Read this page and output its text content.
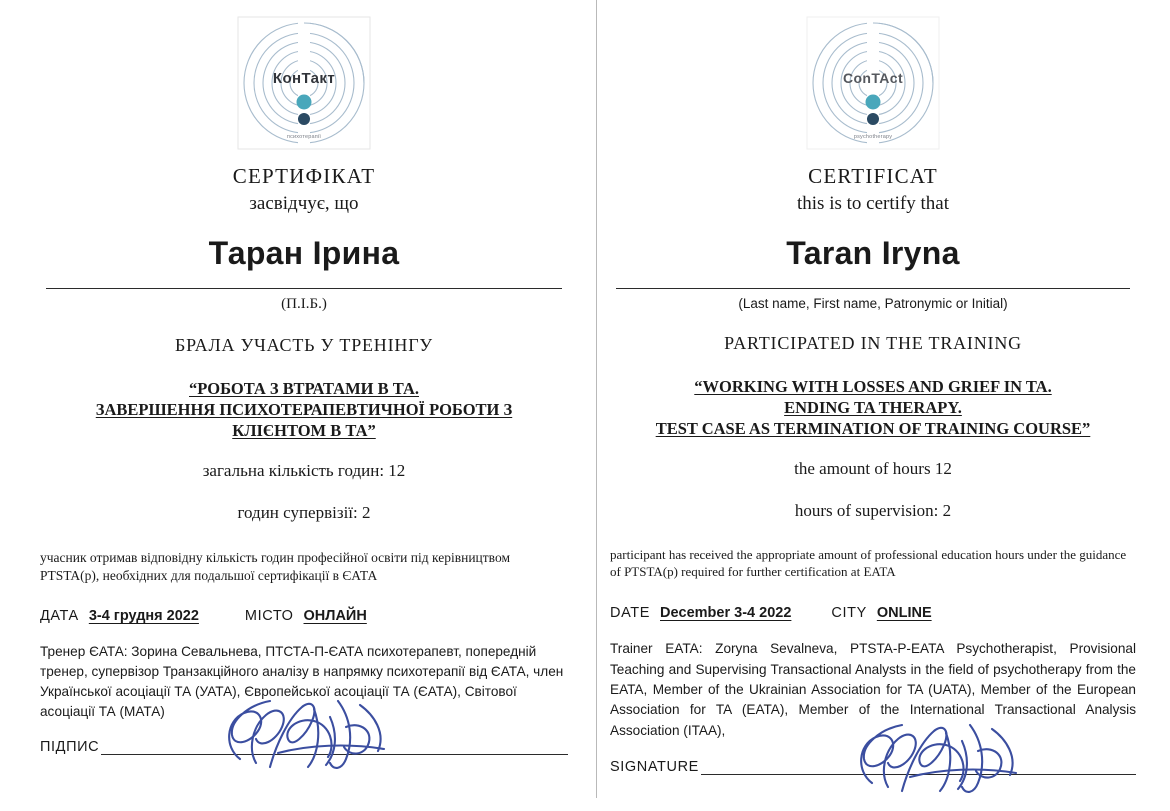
КонТакт
психотерапії
СЕРТИФІКАТ
засвідчує, що
Таран Ірина
(П.І.Б.)
БРАЛА УЧАСТЬ У ТРЕНІНГУ
“РОБОТА З ВТРАТАМИ В ТА.
ЗАВЕРШЕННЯ ПСИХОТЕРАПЕВТИЧНОЇ РОБОТИ З
КЛІЄНТОМ В ТА”
загальна кількість годин: 12
годин супервізії: 2
учасник отримав відповідну кількість годин професійної освіти під керівництвом PTSTA(p), необхідних для подальшої сертифікації в ЄАТА
ДАТА 3-4 грудня 2022	МІСТО ОНЛАЙН
Тренер ЄАТА: Зорина Севальнева, ПТСТА-П-ЄАТА психотерапевт, попередній тренер, супервізор Транзакційного аналізу в напрямку психотерапії від ЄАТА, член Української асоціації ТА (УАТА), Європейської асоціації ТА (ЄАТА), Світової асоціації ТА (МАТА)
ПІДПИС
ConTAct
psychotherapy
CERTIFICAT
this is to certify that
Taran Iryna
(Last name, First name, Patronymic or Initial)
PARTICIPATED IN THE TRAINING
“WORKING WITH LOSSES AND GRIEF IN TA.
ENDING TA THERAPY.
TEST CASE AS TERMINATION OF TRAINING COURSE”
the amount of hours 12
hours of supervision: 2
participant has received the appropriate amount of professional education hours under the guidance of PTSTA(p) required for further certification at EATA
DATE December 3-4 2022	CITY ONLINE
Trainer EATA: Zoryna Sevalneva, PTSTA-P-EATA Psychotherapist, Provisional Teaching and Supervising Transactional Analysts in the field of psychotherapy from the EATA, Member of the Ukrainian Association for TA (UATA), Member of the European Association for TA (EATA), Member of the International Transactional Analysis Association (ITAA),
SIGNATURE
